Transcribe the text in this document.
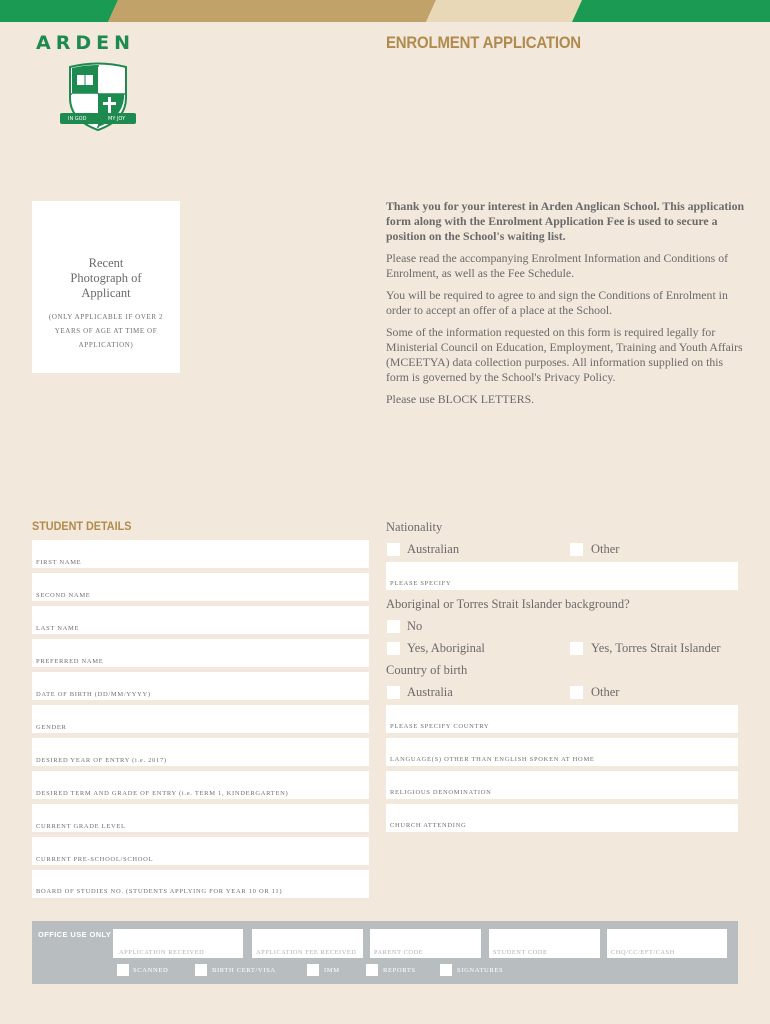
ARDEN
IN GOD	MY JOY
ENROLMENT APPLICATION
Recent Photograph of Applicant
(ONLY APPLICABLE IF OVER 2 YEARS OF AGE AT TIME OF APPLICATION)

Thank you for your interest in Arden Anglican School. This application form along with the Enrolment Application Fee is used to secure a position on the School's waiting list.

Please read the accompanying Enrolment Information and Conditions of Enrolment, as well as the Fee Schedule.

You will be required to agree to and sign the Conditions of Enrolment in order to accept an offer of a place at the School.

Some of the information requested on this form is required legally for Ministerial Council on Education, Employment, Training and Youth Affairs (MCEETYA) data collection purposes. All information supplied on this form is governed by the School's Privacy Policy.

Please use BLOCK LETTERS.

STUDENT DETAILS
FIRST NAME
SECOND NAME
LAST NAME
PREFERRED NAME
DATE OF BIRTH (DD/MM/YYYY)
GENDER
DESIRED YEAR OF ENTRY (i.e. 2017)
DESIRED TERM AND GRADE OF ENTRY (i.e. TERM 1, KINDERGARTEN)
CURRENT GRADE LEVEL
CURRENT PRE-SCHOOL/SCHOOL
BOARD OF STUDIES NO. (STUDENTS APPLYING FOR YEAR 10 OR 11)
Nationality
Australian	Other
PLEASE SPECIFY
Aboriginal or Torres Strait Islander background?
No
Yes, Aboriginal	Yes, Torres Strait Islander
Country of birth
Australia	Other
PLEASE SPECIFY COUNTRY
LANGUAGE(S) OTHER THAN ENGLISH SPOKEN AT HOME
RELIGIOUS DENOMINATION
CHURCH ATTENDING
OFFICE USE ONLY
APPLICATION RECEIVED	APPLICATION FEE RECEIVED	PARENT CODE	STUDENT CODE	CHQ/CC/EFT/CASH
SCANNED	BIRTH CERT/VISA	IMM	REPORTS	SIGNATURES
